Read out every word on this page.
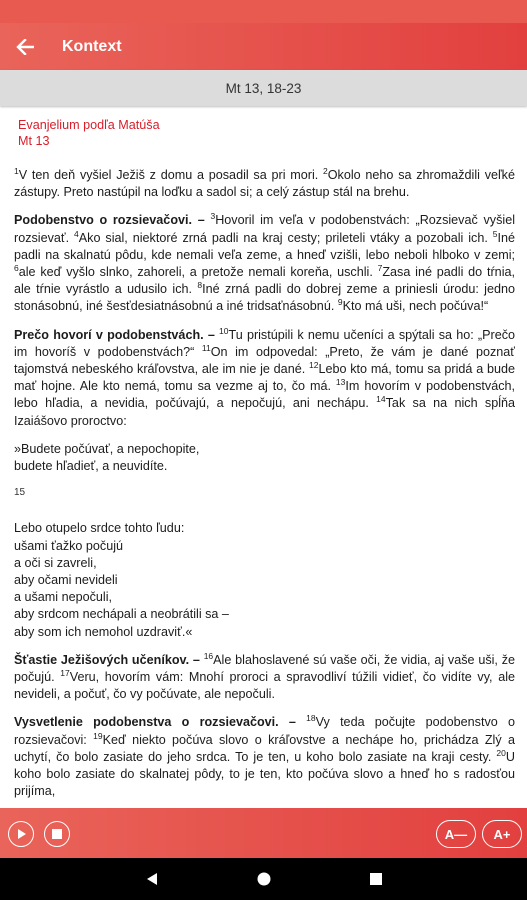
Kontext
Mt 13, 18-23
Evanjelium podľa Matúša
Mt 13

$^1$V ten deň vyšiel Ježiš z domu a posadil sa pri mori. $^2$Okolo neho sa zhromaždili veľké zástupy. Preto nastúpil na loďku a sadol si; a celý zástup stál na brehu.

Podobenstvo o rozsievačovi. – $^3$Hovoril im veľa v podobenstvách: „Rozsievač vyšiel rozsievať. $^4$Ako sial, niektoré zrná padli na kraj cesty; prileteli vtáky a pozobali ich. $^5$Iné padli na skalnatú pôdu, kde nemali veľa zeme, a hneď vzišli, lebo neboli hlboko v zemi; $^6$ale keď vyšlo slnko, zahoreli, a pretože nemali koreňa, uschli. $^7$Zasa iné padli do tŕnia, ale tŕnie vyrástlo a udusilo ich. $^8$Iné zrná padli do dobrej zeme a priniesli úrodu: jedno stonásobnú, iné šesťdesiatnásobnú a iné tridsaťnásobnú. $^9$Kto má uši, nech počúva!“

Prečo hovorí v podobenstvách. – $^{10}$Tu pristúpili k nemu učeníci a spýtali sa ho: „Prečo im hovoríš v podobenstvách?“ $^{11}$On im odpovedal: „Preto, že vám je dané poznať tajomstvá nebeského kráľovstva, ale im nie je dané. $^{12}$Lebo kto má, tomu sa pridá a bude mať hojne. Ale kto nemá, tomu sa vezme aj to, čo má. $^{13}$Im hovorím v podobenstvách, lebo hľadia, a nevidia, počúvajú, a nepočujú, ani nechápu. $^{14}$Tak sa na nich spĺňa Izaiášovo proroctvo:

»Budete počúvať, a nepochopite,
budete hľadieť, a neuvidíte.
15
Lebo otupelo srdce tohto ľudu:
ušami ťažko počujú
a oči si zavreli,
aby očami nevideli
a ušami nepočuli,
aby srdcom nechápali a neobrátili sa –
aby som ich nemohol uzdraviť.«

Šťastie Ježišových učeníkov. – $^{16}$Ale blahoslavené sú vaše oči, že vidia, aj vaše uši, že počujú. $^{17}$Veru, hovorím vám: Mnohí proroci a spravodliví túžili vidieť, čo vidíte vy, ale nevideli, a počuť, čo vy počúvate, ale nepočuli.

Vysvetlenie podobenstva o rozsievačovi. – $^{18}$Vy teda počujte podobenstvo o rozsievačovi: $^{19}$Keď niekto počúva slovo o kráľovstve a nechápe ho, prichádza Zlý a uchytí, čo bolo zasiate do jeho srdca. To je ten, u koho bolo zasiate na kraji cesty. $^{20}$U koho bolo zasiate do skalnatej pôdy, to je ten, kto počúva slovo a hneď ho s radosťou prijíma,

A— A+
